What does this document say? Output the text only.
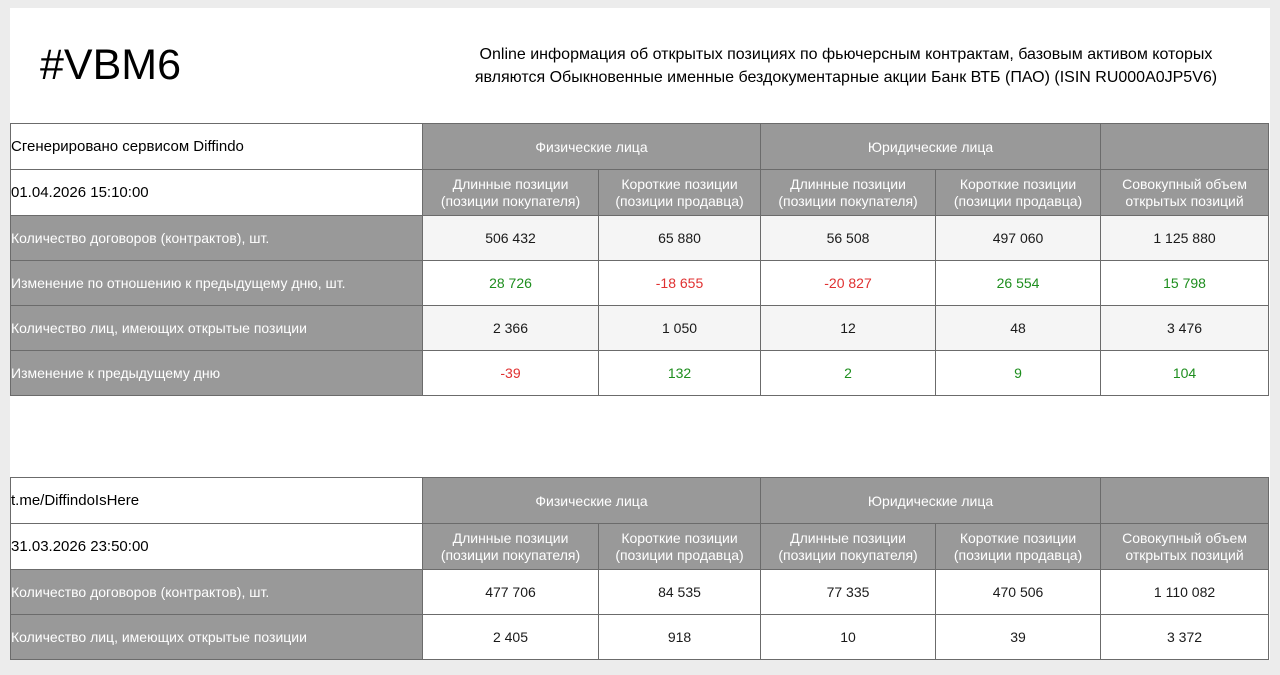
#VBM6	Online информация об открытых позициях по фьючерсным контрактам, базовым активом которых являются Обыкновенные именные бездокументарные акции Банк ВТБ (ПАО) (ISIN RU000A0JP5V6)

Сгенерировано сервисом Diffindo	Физические лица		Юридические лица		
01.04.2026 15:10:00	Длинные позиции
(позиции покупателя)	Короткие позиции
(позиции продавца)	Длинные позиции
(позиции покупателя)	Короткие позиции
(позиции продавца)	Совокупный объем
открытых позиций
Количество договоров (контрактов), шт.	506 432	65 880	56 508	497 060	1 125 880
Изменение по отношению к предыдущему дню, шт.	28 726	-18 655	-20 827	26 554	15 798
Количество лиц, имеющих открытые позиции	2 366	1 050	12	48	3 476
Изменение к предыдущему дню	-39	132	2	9	104
t.me/DiffindoIsHere	Физические лица		Юридические лица		
31.03.2026 23:50:00	Длинные позиции
(позиции покупателя)	Короткие позиции
(позиции продавца)	Длинные позиции
(позиции покупателя)	Короткие позиции
(позиции продавца)	Совокупный объем
открытых позиций
Количество договоров (контрактов), шт.	477 706	84 535	77 335	470 506	1 110 082
Количество лиц, имеющих открытые позиции	2 405	918	10	39	3 372
